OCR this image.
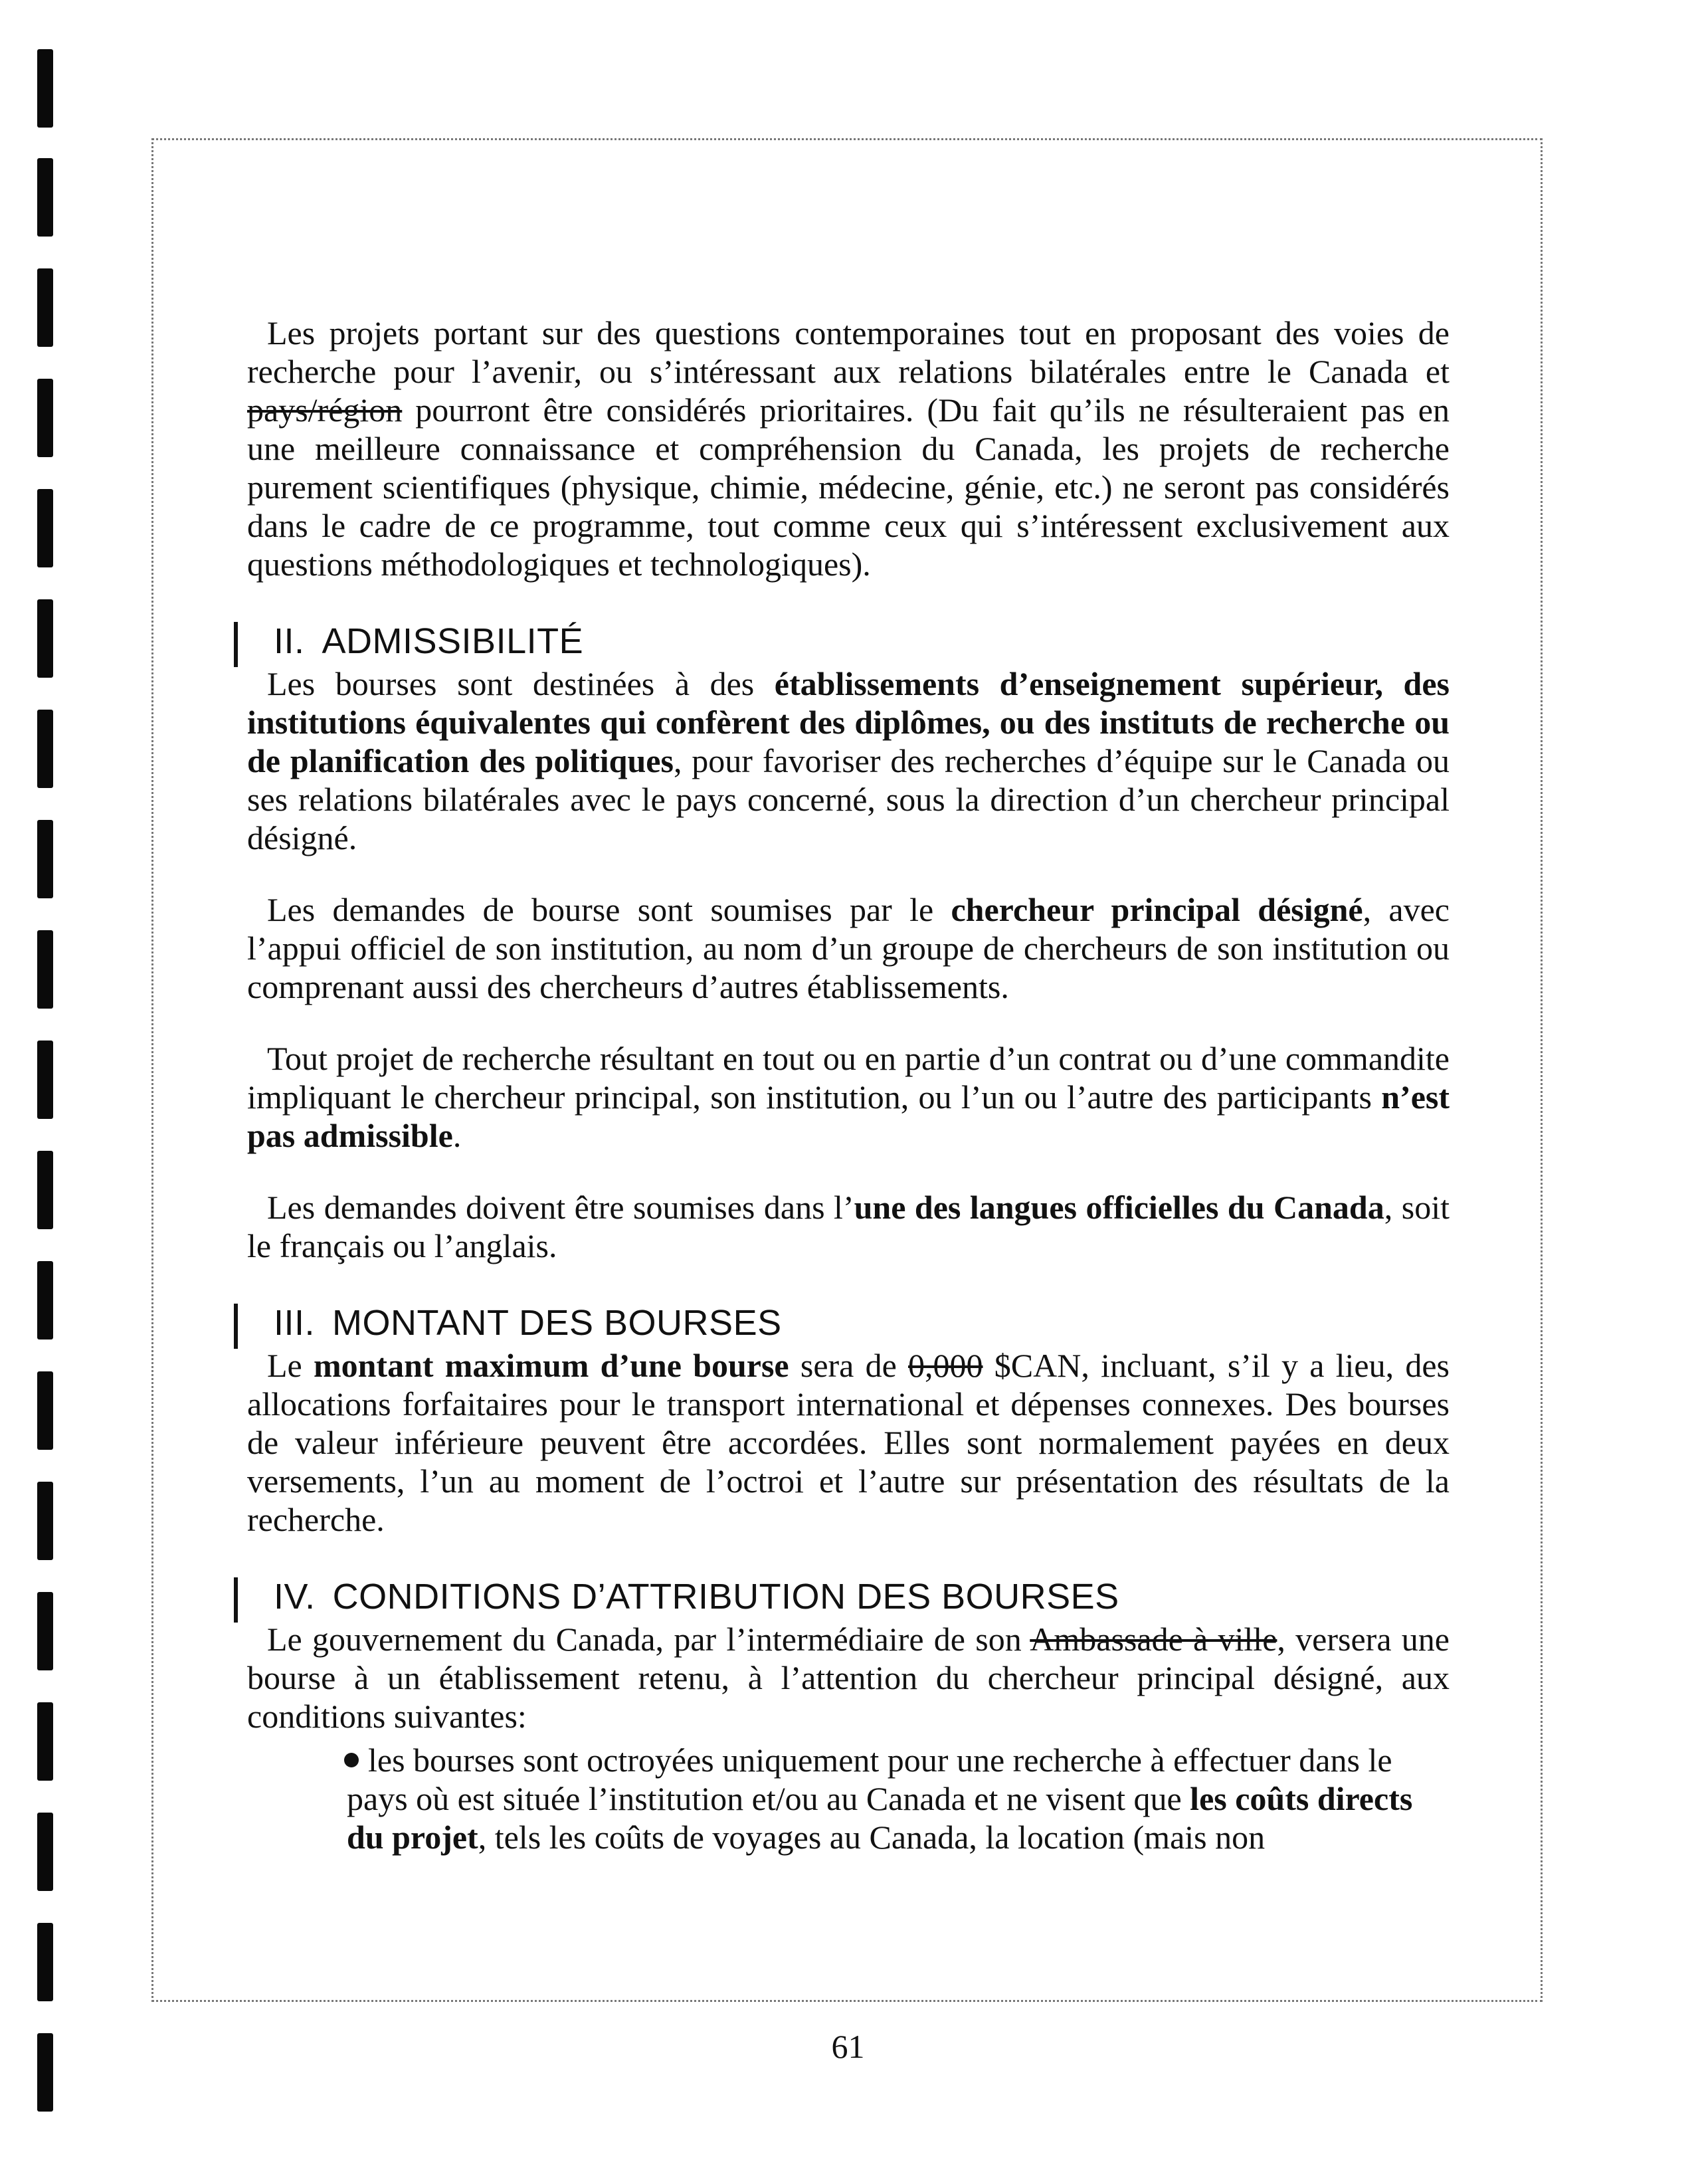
Les projets portant sur des questions contemporaines tout en proposant des voies de recherche pour l’avenir, ou s’intéressant aux relations bilatérales entre le Canada et pays/région pourront être considérés prioritaires. (Du fait qu’ils ne résulteraient pas en une meilleure connaissance et compréhension du Canada, les projets de recherche purement scientifiques (physique, chimie, médecine, génie, etc.) ne seront pas considérés dans le cadre de ce programme, tout comme ceux qui s’intéressent exclusivement aux questions méthodologiques et technologiques).

II. ADMISSIBILITÉ

Les bourses sont destinées à des établissements d’enseignement supérieur, des institutions équivalentes qui confèrent des diplômes, ou des instituts de recherche ou de planification des politiques, pour favoriser des recherches d’équipe sur le Canada ou ses relations bilatérales avec le pays concerné, sous la direction d’un chercheur principal désigné.

Les demandes de bourse sont soumises par le chercheur principal désigné, avec l’appui officiel de son institution, au nom d’un groupe de chercheurs de son institution ou comprenant aussi des chercheurs d’autres établissements.

Tout projet de recherche résultant en tout ou en partie d’un contrat ou d’une commandite impliquant le chercheur principal, son institution, ou l’un ou l’autre des participants n’est pas admissible.

Les demandes doivent être soumises dans l’une des langues officielles du Canada, soit le français ou l’anglais.

III. MONTANT DES BOURSES

Le montant maximum d’une bourse sera de 0,000 $CAN, incluant, s’il y a lieu, des allocations forfaitaires pour le transport international et dépenses connexes. Des bourses de valeur inférieure peuvent être accordées. Elles sont normalement payées en deux versements, l’un au moment de l’octroi et l’autre sur présentation des résultats de la recherche.

IV. CONDITIONS D’ATTRIBUTION DES BOURSES

Le gouvernement du Canada, par l’intermédiaire de son Ambassade à ville, versera une bourse à un établissement retenu, à l’attention du chercheur principal désigné, aux conditions suivantes:

les bourses sont octroyées uniquement pour une recherche à effectuer dans le pays où est située l’institution et/ou au Canada et ne visent que les coûts directs du projet, tels les coûts de voyages au Canada, la location (mais non
61
